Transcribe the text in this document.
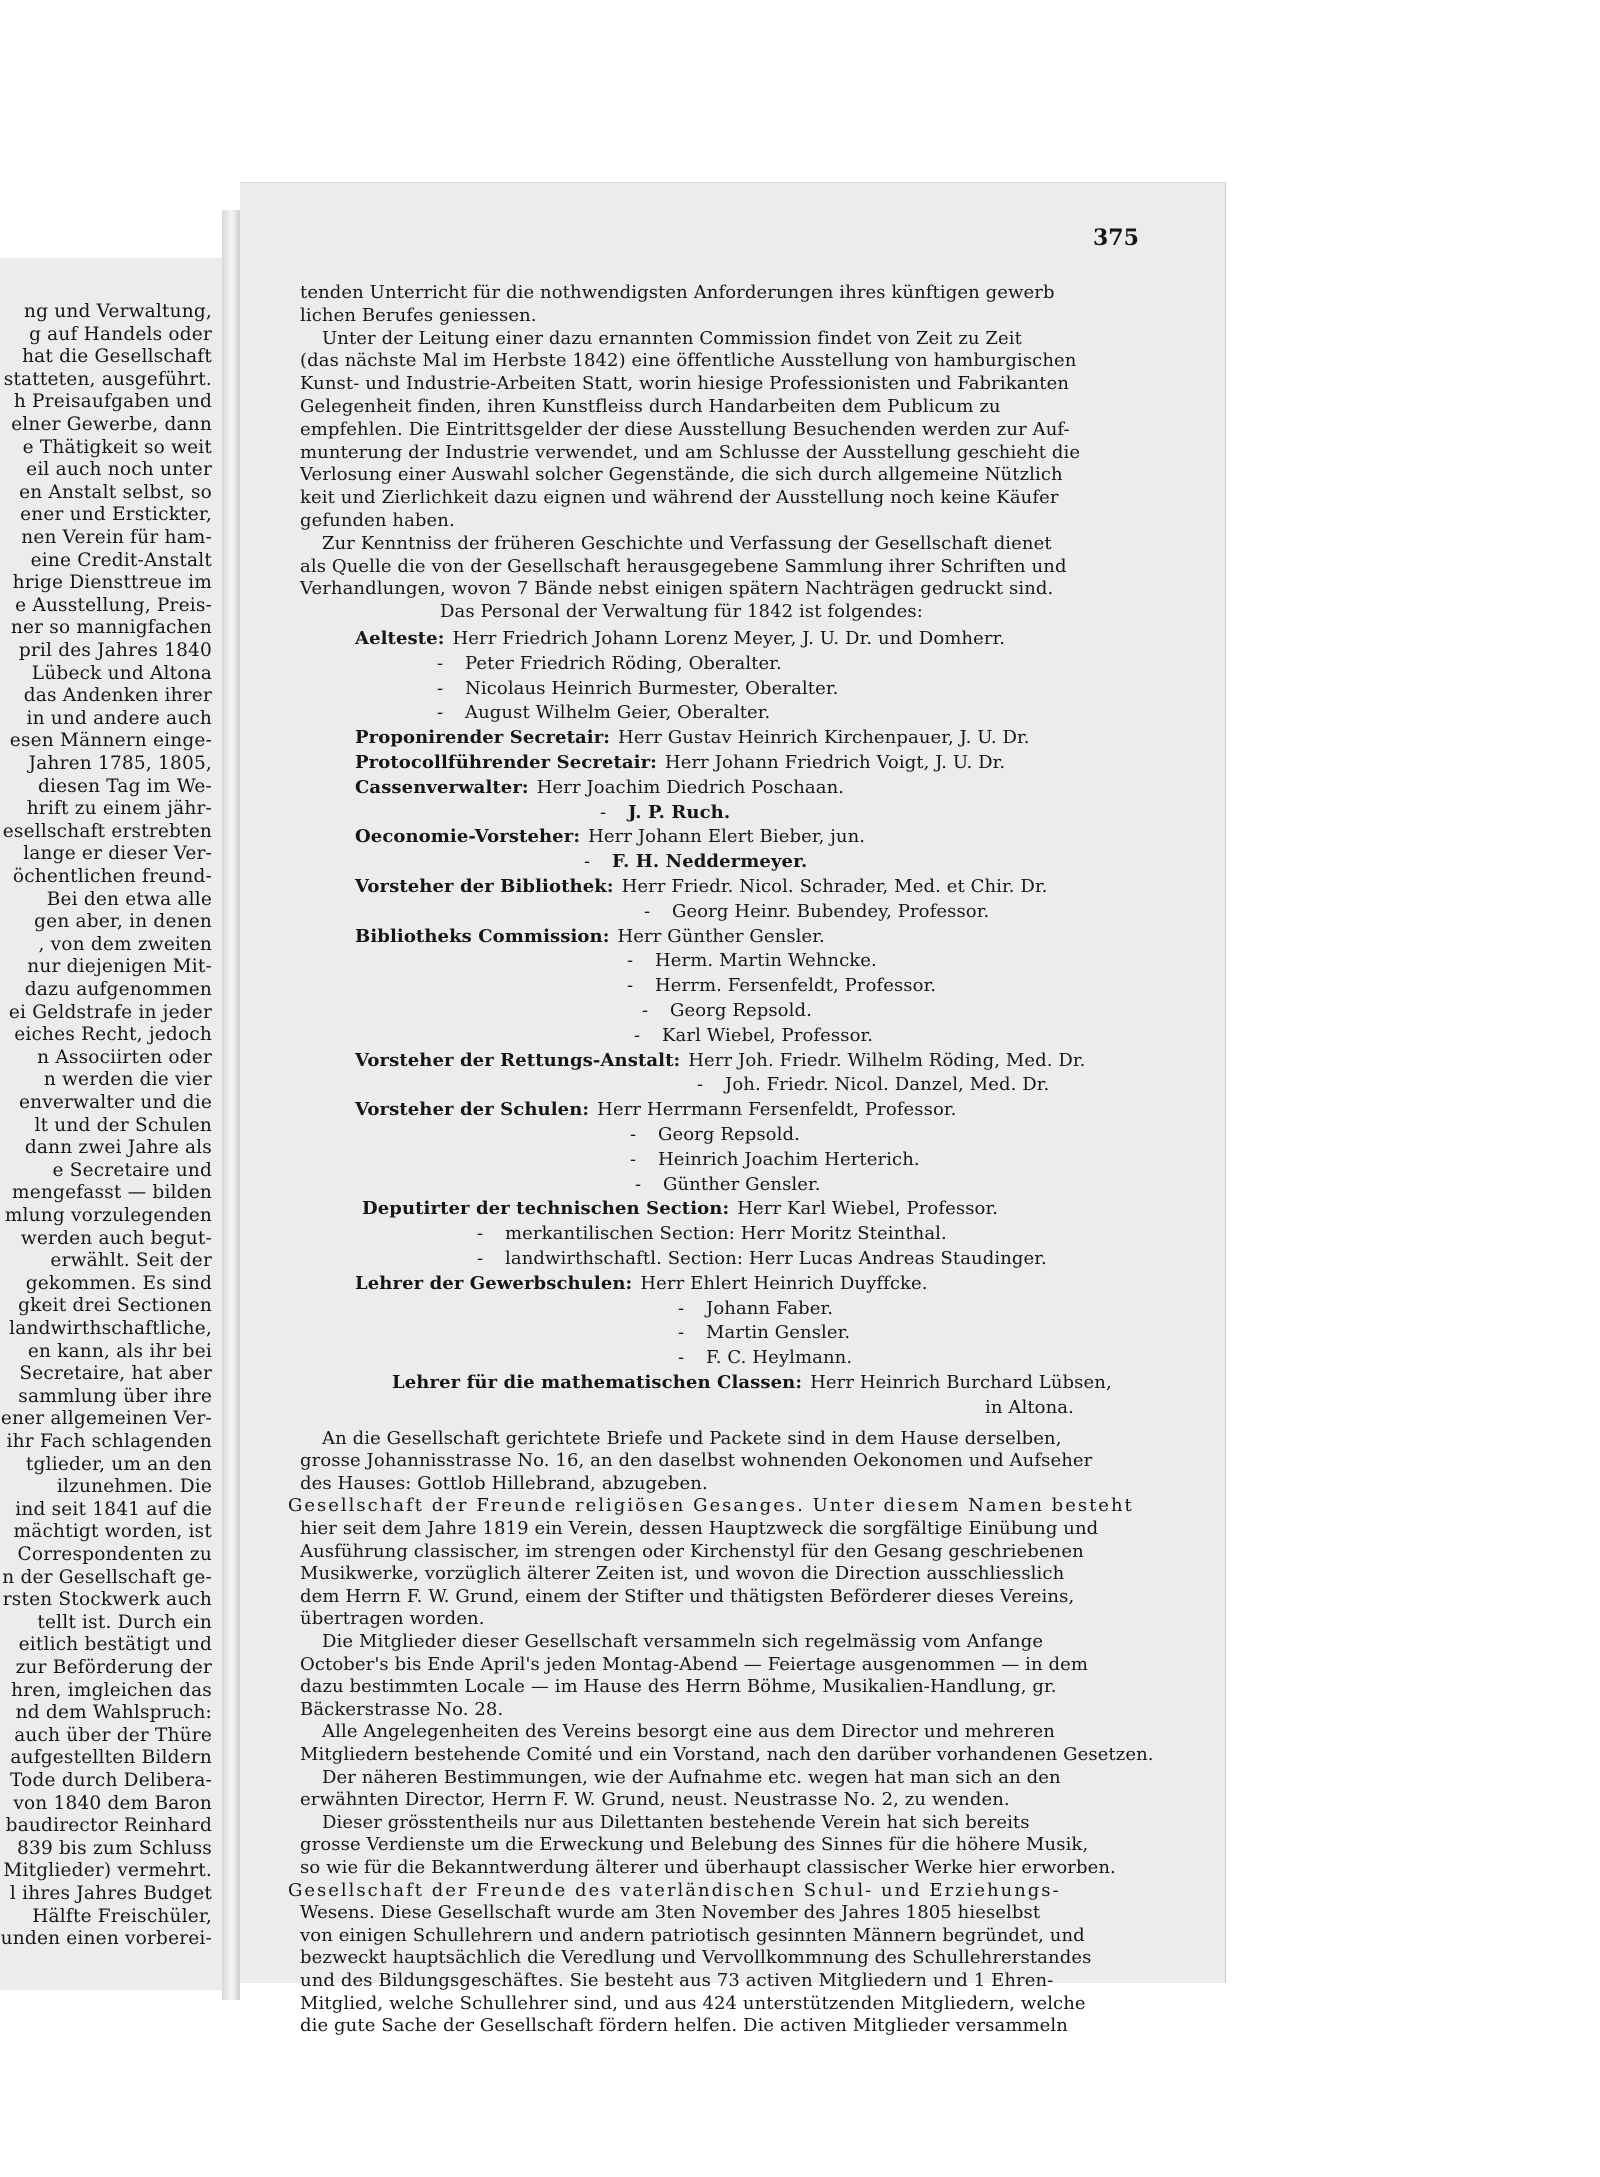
ng und Verwaltung,
g auf Handels oder
hat die Gesellschaft
statteten, ausgeführt.
h Preisaufgaben und
elner Gewerbe, dann
e Thätigkeit so weit
eil auch noch unter
en Anstalt selbst, so
ener und Erstickter,
nen Verein für ham-
eine Credit-Anstalt
hrige Diensttreue im
e Ausstellung, Preis-
ner so mannigfachen
pril des Jahres 1840
Lübeck und Altona
das Andenken ihrer
in und andere auch
esen Männern einge-
Jahren 1785, 1805,
diesen Tag im We-
hrift zu einem jähr-
esellschaft erstrebten
lange er dieser Ver-
öchentlichen freund-
Bei den etwa alle
gen aber, in denen
, von dem zweiten
nur diejenigen Mit-
dazu aufgenommen
ei Geldstrafe in jeder
eiches Recht, jedoch
n Associirten oder
n werden die vier
enverwalter und die
lt und der Schulen
dann zwei Jahre als
e Secretaire und
mengefasst — bilden
mlung vorzulegenden
werden auch begut-
erwählt. Seit der
gekommen. Es sind
gkeit drei Sectionen
landwirthschaftliche,
en kann, als ihr bei
Secretaire, hat aber
sammlung über ihre
ener allgemeinen Ver-
ihr Fach schlagenden
tglieder, um an den
ilzunehmen. Die
ind seit 1841 auf die
mächtigt worden, ist
Correspondenten zu
n der Gesellschaft ge-
rsten Stockwerk auch
tellt ist. Durch ein
eitlich bestätigt und
zur Beförderung der
hren, imgleichen das
nd dem Wahlspruch:
auch über der Thüre
aufgestellten Bildern
Tode durch Delibera-
von 1840 dem Baron
baudirector Reinhard
839 bis zum Schluss
Mitglieder) vermehrt.
l ihres Jahres Budget
Hälfte Freischüler,
unden einen vorberei-
375
tenden Unterricht für die nothwendigsten Anforderungen ihres künftigen gewerb
lichen Berufes geniessen.
Unter der Leitung einer dazu ernannten Commission findet von Zeit zu Zeit
(das nächste Mal im Herbste 1842) eine öffentliche Ausstellung von hamburgischen
Kunst- und Industrie-Arbeiten Statt, worin hiesige Professionisten und Fabrikanten
Gelegenheit finden, ihren Kunstfleiss durch Handarbeiten dem Publicum zu
empfehlen. Die Eintrittsgelder der diese Ausstellung Besuchenden werden zur Auf-
munterung der Industrie verwendet, und am Schlusse der Ausstellung geschieht die
Verlosung einer Auswahl solcher Gegenstände, die sich durch allgemeine Nützlich
keit und Zierlichkeit dazu eignen und während der Ausstellung noch keine Käufer
gefunden haben.
Zur Kenntniss der früheren Geschichte und Verfassung der Gesellschaft dienet
als Quelle die von der Gesellschaft herausgegebene Sammlung ihrer Schriften und
Verhandlungen, wovon 7 Bände nebst einigen spätern Nachträgen gedruckt sind.
Das Personal der Verwaltung für 1842 ist folgendes:
Aelteste: Herr Friedrich Johann Lorenz Meyer, J. U. Dr. und Domherr.
- Peter Friedrich Röding, Oberalter.
- Nicolaus Heinrich Burmester, Oberalter.
- August Wilhelm Geier, Oberalter.
Proponirender Secretair: Herr Gustav Heinrich Kirchenpauer, J. U. Dr.
Protocollführender Secretair: Herr Johann Friedrich Voigt, J. U. Dr.
Cassenverwalter: Herr Joachim Diedrich Poschaan.
- J. P. Ruch.
Oeconomie-Vorsteher: Herr Johann Elert Bieber, jun.
- F. H. Neddermeyer.
Vorsteher der Bibliothek: Herr Friedr. Nicol. Schrader, Med. et Chir. Dr.
- Georg Heinr. Bubendey, Professor.
Bibliotheks Commission: Herr Günther Gensler.
- Herm. Martin Wehncke.
- Herrm. Fersenfeldt, Professor.
- Georg Repsold.
- Karl Wiebel, Professor.
Vorsteher der Rettungs-Anstalt: Herr Joh. Friedr. Wilhelm Röding, Med. Dr.
- Joh. Friedr. Nicol. Danzel, Med. Dr.
Vorsteher der Schulen: Herr Herrmann Fersenfeldt, Professor.
- Georg Repsold.
- Heinrich Joachim Herterich.
- Günther Gensler.
Deputirter der technischen Section: Herr Karl Wiebel, Professor.
- merkantilischen Section: Herr Moritz Steinthal.
- landwirthschaftl. Section: Herr Lucas Andreas Staudinger.
Lehrer der Gewerbschulen: Herr Ehlert Heinrich Duyffcke.
- Johann Faber.
- Martin Gensler.
- F. C. Heylmann.
Lehrer für die mathematischen Classen: Herr Heinrich Burchard Lübsen,
in Altona.
An die Gesellschaft gerichtete Briefe und Packete sind in dem Hause derselben,
grosse Johannisstrasse No. 16, an den daselbst wohnenden Oekonomen und Aufseher
des Hauses: Gottlob Hillebrand, abzugeben.
Gesellschaft der Freunde religiösen Gesanges. Unter diesem Namen besteht
hier seit dem Jahre 1819 ein Verein, dessen Hauptzweck die sorgfältige Einübung und
Ausführung classischer, im strengen oder Kirchenstyl für den Gesang geschriebenen
Musikwerke, vorzüglich älterer Zeiten ist, und wovon die Direction ausschliesslich
dem Herrn F. W. Grund, einem der Stifter und thätigsten Beförderer dieses Vereins,
übertragen worden.
Die Mitglieder dieser Gesellschaft versammeln sich regelmässig vom Anfange
October's bis Ende April's jeden Montag-Abend — Feiertage ausgenommen — in dem
dazu bestimmten Locale — im Hause des Herrn Böhme, Musikalien-Handlung, gr.
Bäckerstrasse No. 28.
Alle Angelegenheiten des Vereins besorgt eine aus dem Director und mehreren
Mitgliedern bestehende Comité und ein Vorstand, nach den darüber vorhandenen Gesetzen.
Der näheren Bestimmungen, wie der Aufnahme etc. wegen hat man sich an den
erwähnten Director, Herrn F. W. Grund, neust. Neustrasse No. 2, zu wenden.
Dieser grösstentheils nur aus Dilettanten bestehende Verein hat sich bereits
grosse Verdienste um die Erweckung und Belebung des Sinnes für die höhere Musik,
so wie für die Bekanntwerdung älterer und überhaupt classischer Werke hier erworben.
Gesellschaft der Freunde des vaterländischen Schul- und Erziehungs-
Wesens. Diese Gesellschaft wurde am 3ten November des Jahres 1805 hieselbst
von einigen Schullehrern und andern patriotisch gesinnten Männern begründet, und
bezweckt hauptsächlich die Veredlung und Vervollkommnung des Schullehrerstandes
und des Bildungsgeschäftes. Sie besteht aus 73 activen Mitgliedern und 1 Ehren-
Mitglied, welche Schullehrer sind, und aus 424 unterstützenden Mitgliedern, welche
die gute Sache der Gesellschaft fördern helfen. Die activen Mitglieder versammeln
